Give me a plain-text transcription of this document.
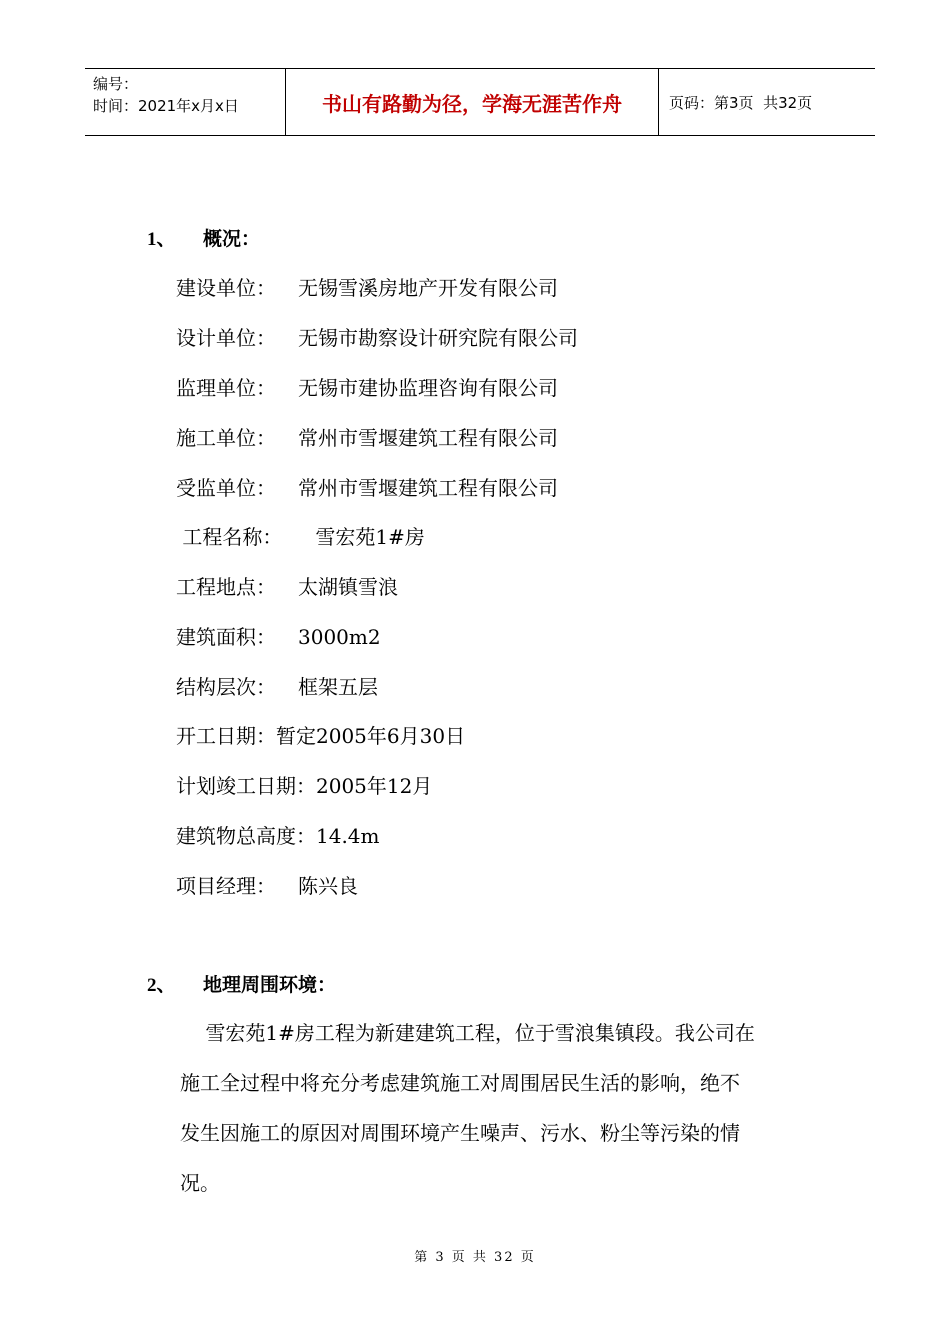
编号：
时间：2021年x月x日	书山有路勤为径，学海无涯苦作舟	页码：第3页  共32页
1、 概况：
建设单位： 无锡雪溪房地产开发有限公司
设计单位： 无锡市勘察设计研究院有限公司
监理单位： 无锡市建协监理咨询有限公司
施工单位： 常州市雪堰建筑工程有限公司
受监单位： 常州市雪堰建筑工程有限公司
工程名称：   雪宏苑1#房
工程地点： 太湖镇雪浪
建筑面积： 3000m2
结构层次： 框架五层
开工日期：暂定2005年6月30日
计划竣工日期：2005年12月
建筑物总高度：14.4m
项目经理： 陈兴良
2、 地理周围环境：

雪宏苑1#房工程为新建建筑工程，位于雪浪集镇段。我公司在

施工全过程中将充分考虑建筑施工对周围居民生活的影响，绝不

发生因施工的原因对周围环境产生噪声、污水、粉尘等污染的情

况。

第 3 页 共 32 页
